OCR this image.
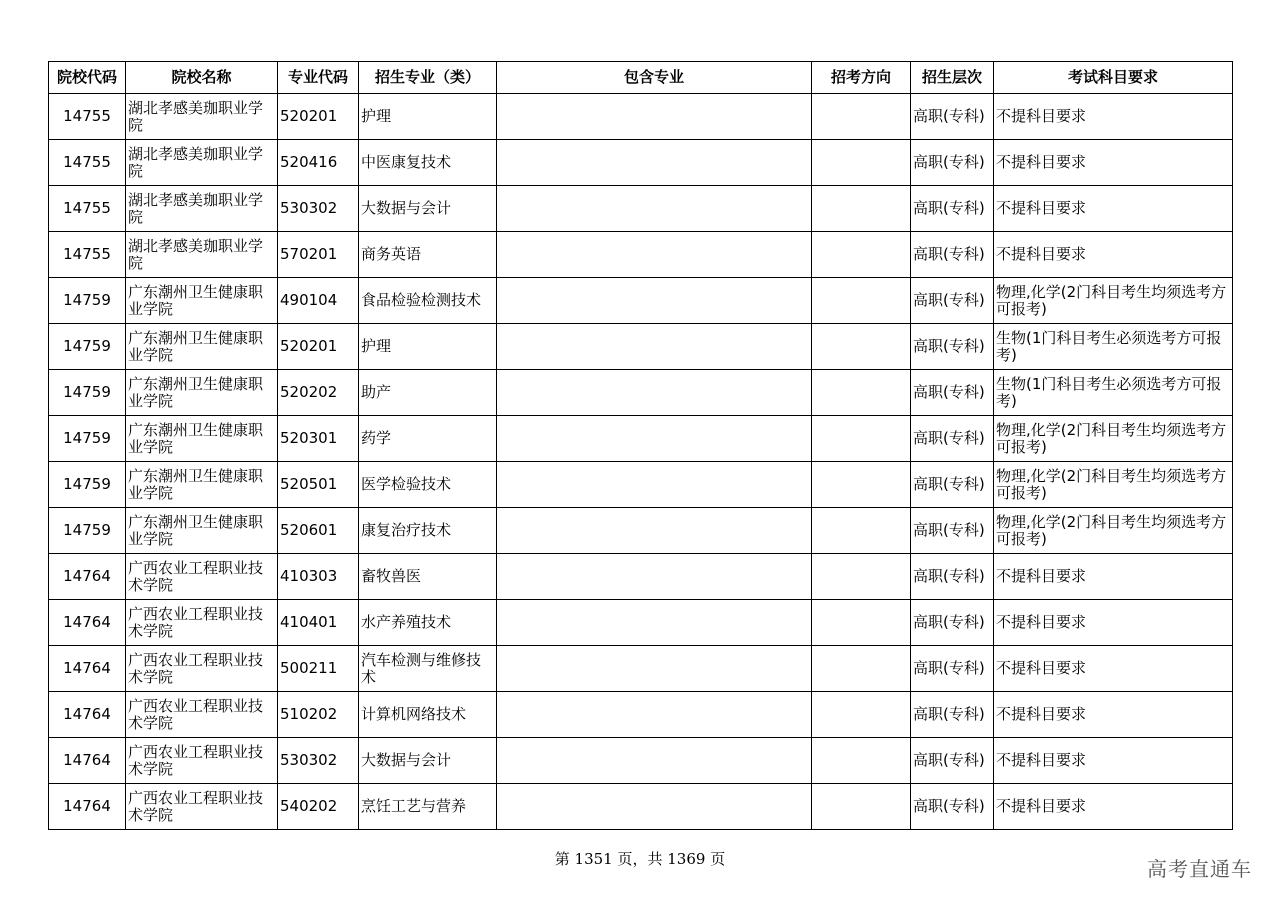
院校代码	院校名称	专业代码	招生专业（类）	包含专业	招考方向	招生层次	考试科目要求
14755	湖北孝感美珈职业学院	520201	护理			高职(专科)	不提科目要求
14755	湖北孝感美珈职业学院	520416	中医康复技术			高职(专科)	不提科目要求
14755	湖北孝感美珈职业学院	530302	大数据与会计			高职(专科)	不提科目要求
14755	湖北孝感美珈职业学院	570201	商务英语			高职(专科)	不提科目要求
14759	广东潮州卫生健康职业学院	490104	食品检验检测技术			高职(专科)	物理,化学(2门科目考生均须选考方可报考)
14759	广东潮州卫生健康职业学院	520201	护理			高职(专科)	生物(1门科目考生必须选考方可报考)
14759	广东潮州卫生健康职业学院	520202	助产			高职(专科)	生物(1门科目考生必须选考方可报考)
14759	广东潮州卫生健康职业学院	520301	药学			高职(专科)	物理,化学(2门科目考生均须选考方可报考)
14759	广东潮州卫生健康职业学院	520501	医学检验技术			高职(专科)	物理,化学(2门科目考生均须选考方可报考)
14759	广东潮州卫生健康职业学院	520601	康复治疗技术			高职(专科)	物理,化学(2门科目考生均须选考方可报考)
14764	广西农业工程职业技术学院	410303	畜牧兽医			高职(专科)	不提科目要求
14764	广西农业工程职业技术学院	410401	水产养殖技术			高职(专科)	不提科目要求
14764	广西农业工程职业技术学院	500211	汽车检测与维修技术			高职(专科)	不提科目要求
14764	广西农业工程职业技术学院	510202	计算机网络技术			高职(专科)	不提科目要求
14764	广西农业工程职业技术学院	530302	大数据与会计			高职(专科)	不提科目要求
14764	广西农业工程职业技术学院	540202	烹饪工艺与营养			高职(专科)	不提科目要求
第 1351 页，共 1369 页	高考直通车
